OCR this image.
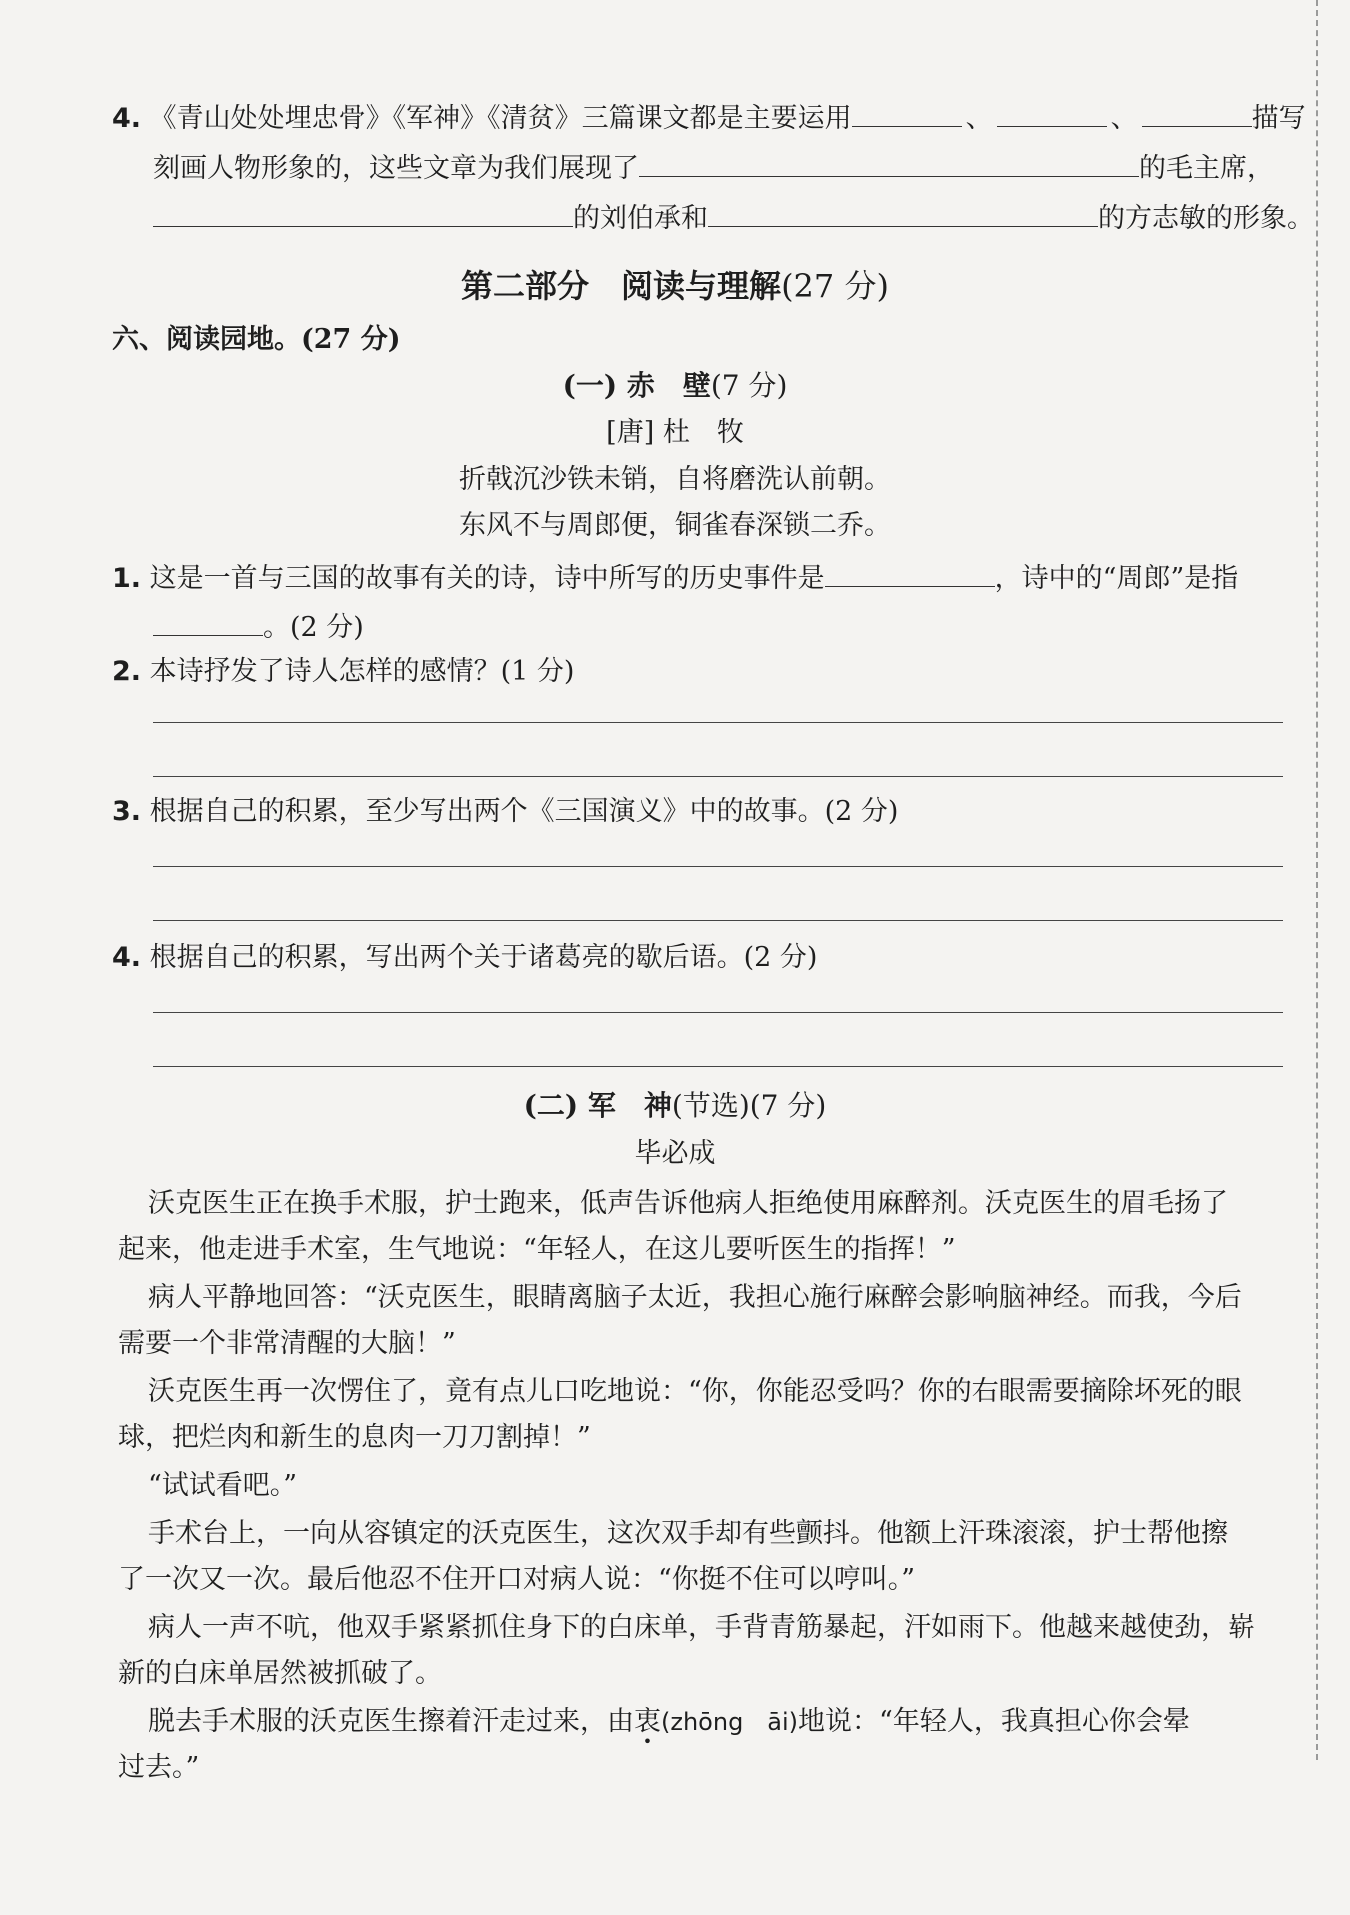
4. 《青山处处埋忠骨》《军神》《清贫》三篇课文都是主要运用	、	、	描写
刻画人物形象的，这些文章为我们展现了	的毛主席，
的刘伯承和	的方志敏的形象。
第二部分　阅读与理解(27 分)
六、阅读园地。(27 分)
(一) 赤　壁(7 分)
[唐] 杜　牧
折戟沉沙铁未销，自将磨洗认前朝。
东风不与周郎便，铜雀春深锁二乔。
1. 这是一首与三国的故事有关的诗，诗中所写的历史事件是	，诗中的“周郎”是指
。(2 分)
2. 本诗抒发了诗人怎样的感情？(1 分)
3. 根据自己的积累，至少写出两个《三国演义》中的故事。(2 分)
4. 根据自己的积累，写出两个关于诸葛亮的歇后语。(2 分)
(二) 军　神(节选)(7 分)
毕必成
沃克医生正在换手术服，护士跑来，低声告诉他病人拒绝使用麻醉剂。沃克医生的眉毛扬了
起来，他走进手术室，生气地说：“年轻人，在这儿要听医生的指挥！”
病人平静地回答：“沃克医生，眼睛离脑子太近，我担心施行麻醉会影响脑神经。而我，今后
需要一个非常清醒的大脑！”
沃克医生再一次愣住了，竟有点儿口吃地说：“你，你能忍受吗？你的右眼需要摘除坏死的眼
球，把烂肉和新生的息肉一刀刀割掉！”
“试试看吧。”
手术台上，一向从容镇定的沃克医生，这次双手却有些颤抖。他额上汗珠滚滚，护士帮他擦
了一次又一次。最后他忍不住开口对病人说：“你挺不住可以哼叫。”
病人一声不吭，他双手紧紧抓住身下的白床单，手背青筋暴起，汗如雨下。他越来越使劲，崭
新的白床单居然被抓破了。
脱去手术服的沃克医生擦着汗走过来，由衷(zhōng　āi)地说：“年轻人，我真担心你会晕
过去。”
